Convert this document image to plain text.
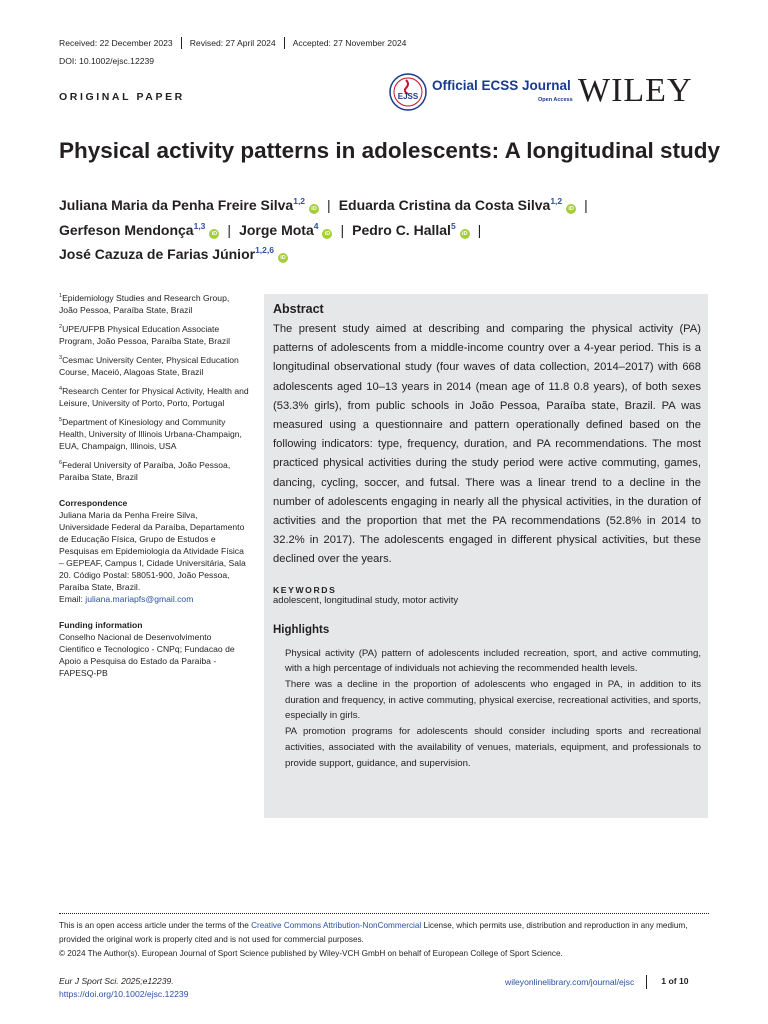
Received: 22 December 2023	Revised: 27 April 2024	Accepted: 27 November 2024
DOI: 10.1002/ejsc.12239
ORIGINAL PAPER	EJSS
Official ECSS Journal
Open Access WILEY
Physical activity patterns in adolescents: A longitudinal study
Juliana Maria da Penha Freire Silva$^{1,2}$iD | Eduarda Cristina da Costa Silva$^{1,2}$iD |
Gerfeson Mendonça$^{1,3}$iD | Jorge Mota$^4$iD | Pedro C. Hallal$^5$iD |
José Cazuza de Farias Júnior$^{1,2,6}$iD
$^1$Epidemiology Studies and Research Group, João Pessoa, Paraíba State, Brazil
$^2$UPE/UFPB Physical Education Associate Program, João Pessoa, Paraíba State, Brazil
$^3$Cesmac University Center, Physical Education Course, Maceió, Alagoas State, Brazil
$^4$Research Center for Physical Activity, Health and Leisure, University of Porto, Porto, Portugal
$^5$Department of Kinesiology and Community Health, University of Illinois Urbana-Champaign, EUA, Champaign, Illinois, USA
$^6$Federal University of Paraíba, João Pessoa, Paraíba State, Brazil
Correspondence
Juliana Maria da Penha Freire Silva, Universidade Federal da Paraíba, Departamento de Educação Física, Grupo de Estudos e Pesquisas em Epidemiologia da Atividade Física – GEPEAF, Campus I, Cidade Universitária, Sala 20. Código Postal: 58051-900, João Pessoa, Paraíba State, Brazil.
Email: juliana.mariapfs@gmail.com
Funding information
Conselho Nacional de Desenvolvimento Cientifico e Tecnologico - CNPq; Fundacao de Apoio a Pesquisa do Estado da Paraiba - FAPESQ-PB
Abstract
The present study aimed at describing and comparing the physical activity (PA) patterns of adolescents from a middle-income country over a 4-year period. This is a longitudinal observational study (four waves of data collection, 2014–2017) with 668 adolescents aged 10–13 years in 2014 (mean age of 11.8 0.8 years), of both sexes (53.3% girls), from public schools in João Pessoa, Paraíba state, Brazil. PA was measured using a questionnaire and pattern operationally defined based on the following indicators: type, frequency, duration, and PA recommendations. The most practiced physical activities during the study period were active commuting, games, dancing, cycling, soccer, and futsal. There was a linear trend to a decline in the number of adolescents engaging in nearly all the physical activities, in the duration of activities and the proportion that met the PA recommendations (52.8% in 2014 to 32.2% in 2017). The adolescents engaged in different physical activities, but these declined over the years.
KEYWORDS
adolescent, longitudinal study, motor activity
Highlights
Physical activity (PA) pattern of adolescents included recreation, sport, and active commuting, with a high percentage of individuals not achieving the recommended health levels.
There was a decline in the proportion of adolescents who engaged in PA, in addition to its duration and frequency, in active commuting, physical exercise, recreational activities, and sports, especially in girls.
PA promotion programs for adolescents should consider including sports and recreational activities, associated with the availability of venues, materials, equipment, and professionals to provide support, guidance, and supervision.
This is an open access article under the terms of the Creative Commons Attribution-NonCommercial License, which permits use, distribution and reproduction in any medium, provided the original work is properly cited and is not used for commercial purposes.
© 2024 The Author(s). European Journal of Sport Science published by Wiley-VCH GmbH on behalf of European College of Sport Science.
Eur J Sport Sci. 2025;e12239.
https://doi.org/10.1002/ejsc.12239
wileyonlinelibrary.com/journal/ejsc	1 of 10
